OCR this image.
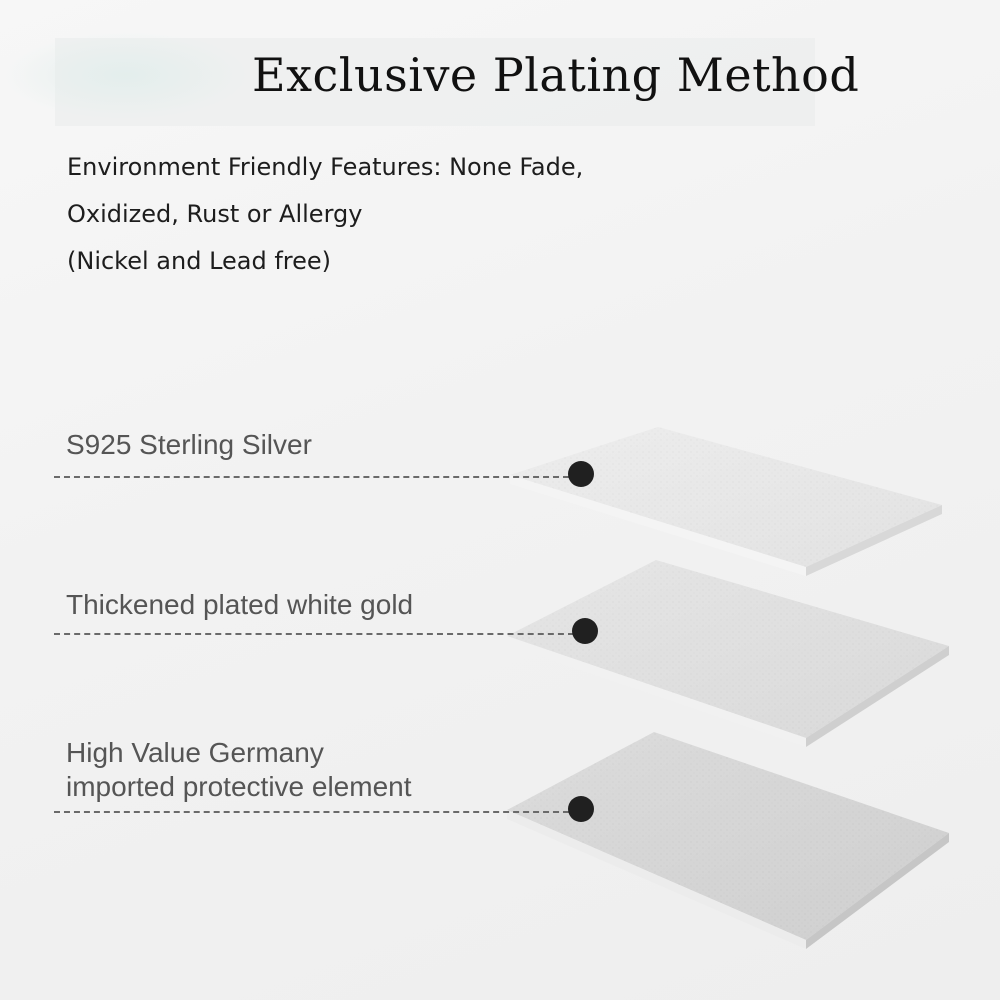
Exclusive Plating Method
Environment Friendly Features: None Fade,
Oxidized, Rust or Allergy
(Nickel and Lead free)
S925 Sterling Silver
Thickened plated white gold
High Value Germany
imported protective element
